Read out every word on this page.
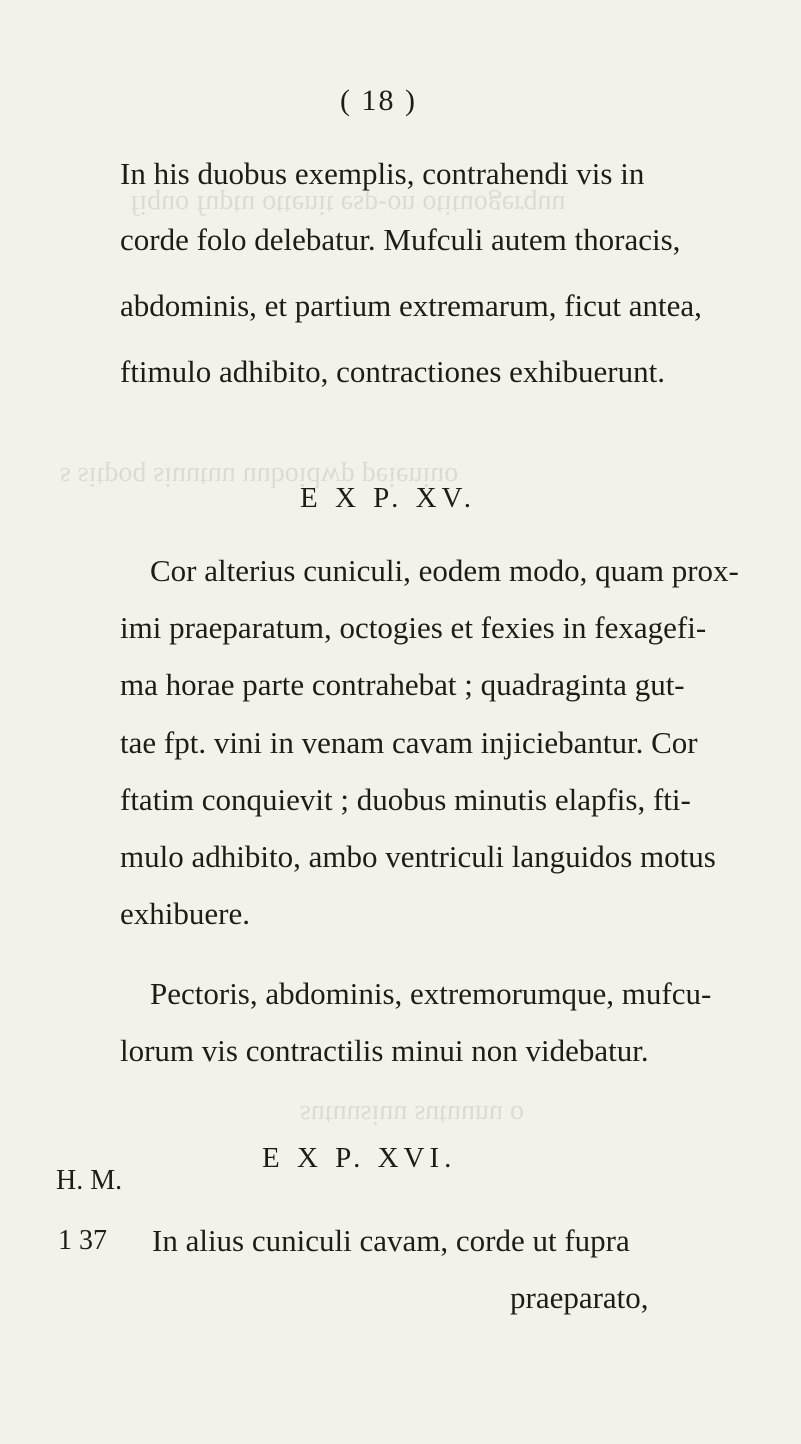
fiquo fuptu ottenit esp-on otituogerquu
s sitpoq siuutuu uuboidwp peieniuo
sutuusiuu sutuunu o
( 18 )
In his duobus exemplis, contrahendi vis in
corde folo delebatur. Mufculi autem thoracis,
abdominis, et partium extremarum, ficut antea,
ftimulo adhibito, contractiones exhibuerunt.
E X P. XV.
Cor alterius cuniculi, eodem modo, quam prox-
imi praeparatum, octogies et fexies in fexagefi-
ma horae parte contrahebat ; quadraginta gut-
tae fpt. vini in venam cavam injiciebantur. Cor
ftatim conquievit ; duobus minutis elapfis, fti-
mulo adhibito, ambo ventriculi languidos motus
exhibuere.
Pectoris, abdominis, extremorumque, mufcu-
lorum vis contractilis minui non videbatur.
E X P. XVI.
H. M.
1 37 In alius cuniculi cavam, corde ut fupra
praeparato,
